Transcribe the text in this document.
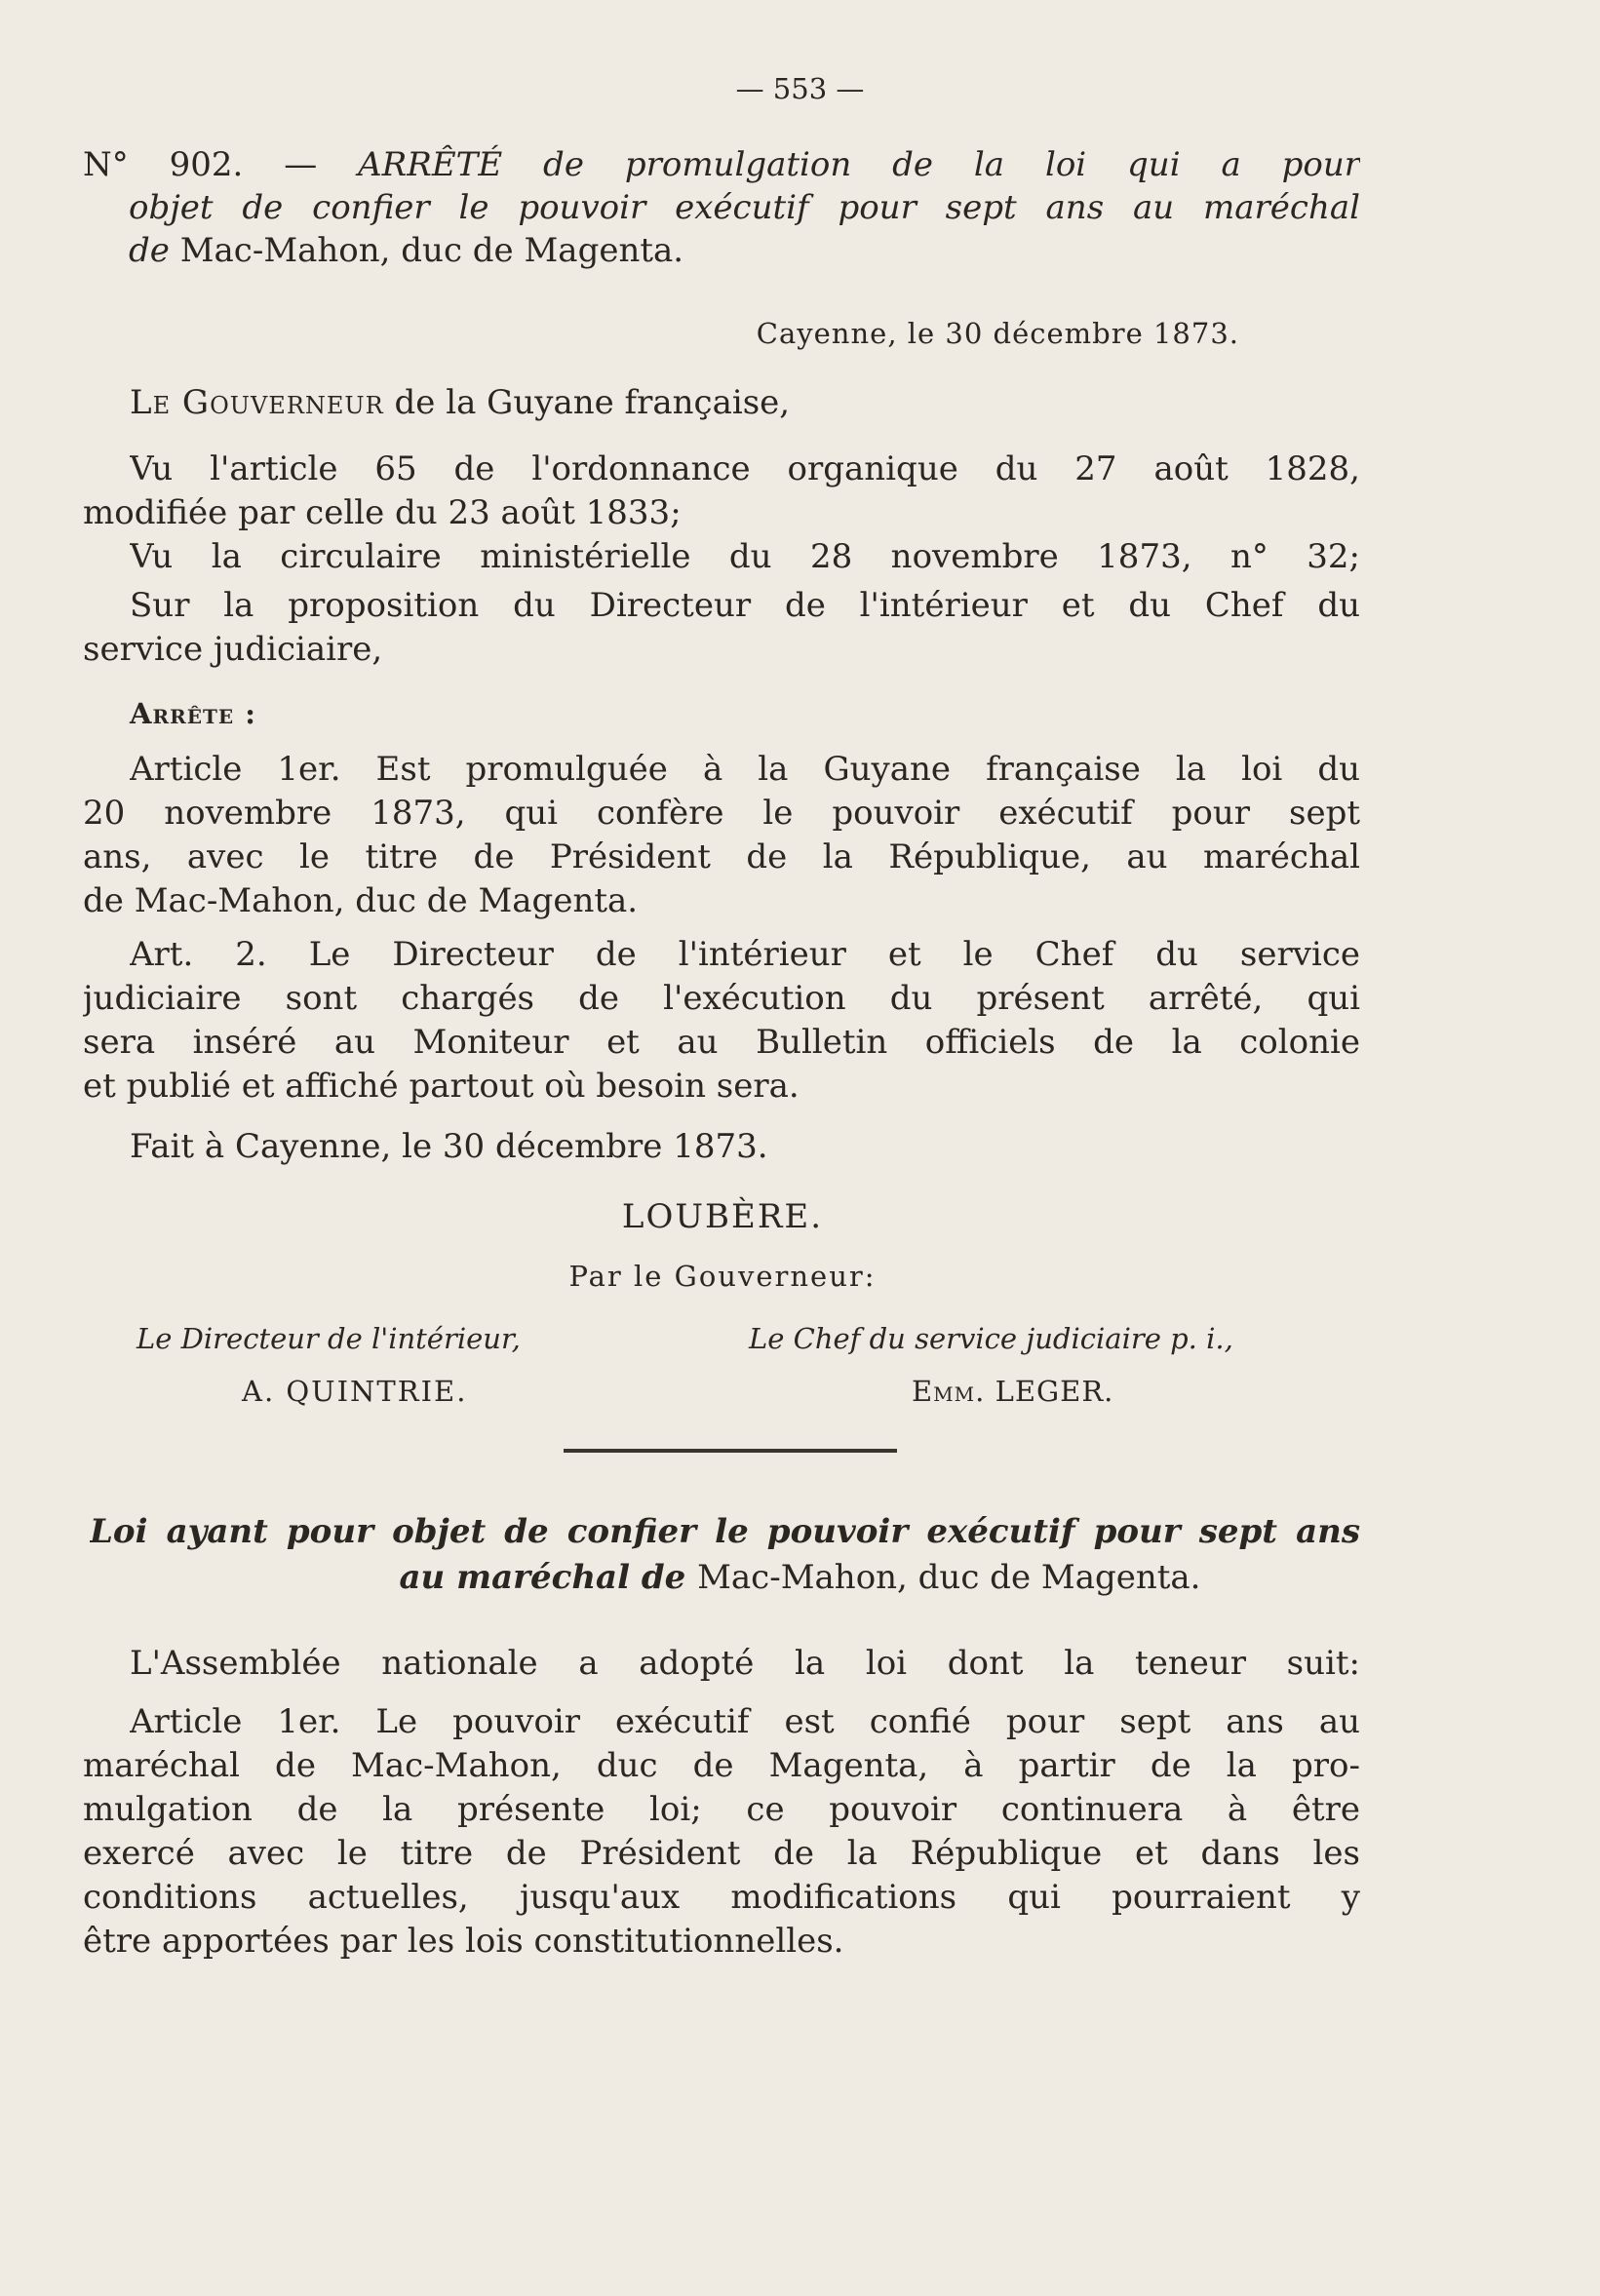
— 553 —
N° 902. — ARRÊTÉ de promulgation de la loi qui a pour
objet de confier le pouvoir exécutif pour sept ans au maréchal
de Mac-Mahon, duc de Magenta.
Cayenne, le 30 décembre 1873.
Le Gouverneur de la Guyane française,
Vu l'article 65 de l'ordonnance organique du 27 août 1828,
modifiée par celle du 23 août 1833;
Vu la circulaire ministérielle du 28 novembre 1873, n° 32;
Sur la proposition du Directeur de l'intérieur et du Chef du
service judiciaire,
Arrête :
Article 1er. Est promulguée à la Guyane française la loi du
20 novembre 1873, qui confère le pouvoir exécutif pour sept
ans, avec le titre de Président de la République, au maréchal
de Mac-Mahon, duc de Magenta.
Art. 2. Le Directeur de l'intérieur et le Chef du service
judiciaire sont chargés de l'exécution du présent arrêté, qui
sera inséré au Moniteur et au Bulletin officiels de la colonie
et publié et affiché partout où besoin sera.
Fait à Cayenne, le 30 décembre 1873.
LOUBÈRE.
Par le Gouverneur:
Le Directeur de l'intérieur,
A. QUINTRIE.
Le Chef du service judiciaire p. i.,
Emm. LEGER.
Loi ayant pour objet de confier le pouvoir exécutif pour sept ans
au maréchal de Mac-Mahon, duc de Magenta.
L'Assemblée nationale a adopté la loi dont la teneur suit:
Article 1er. Le pouvoir exécutif est confié pour sept ans au
maréchal de Mac-Mahon, duc de Magenta, à partir de la pro-
mulgation de la présente loi; ce pouvoir continuera à être
exercé avec le titre de Président de la République et dans les
conditions actuelles, jusqu'aux modifications qui pourraient y
être apportées par les lois constitutionnelles.
